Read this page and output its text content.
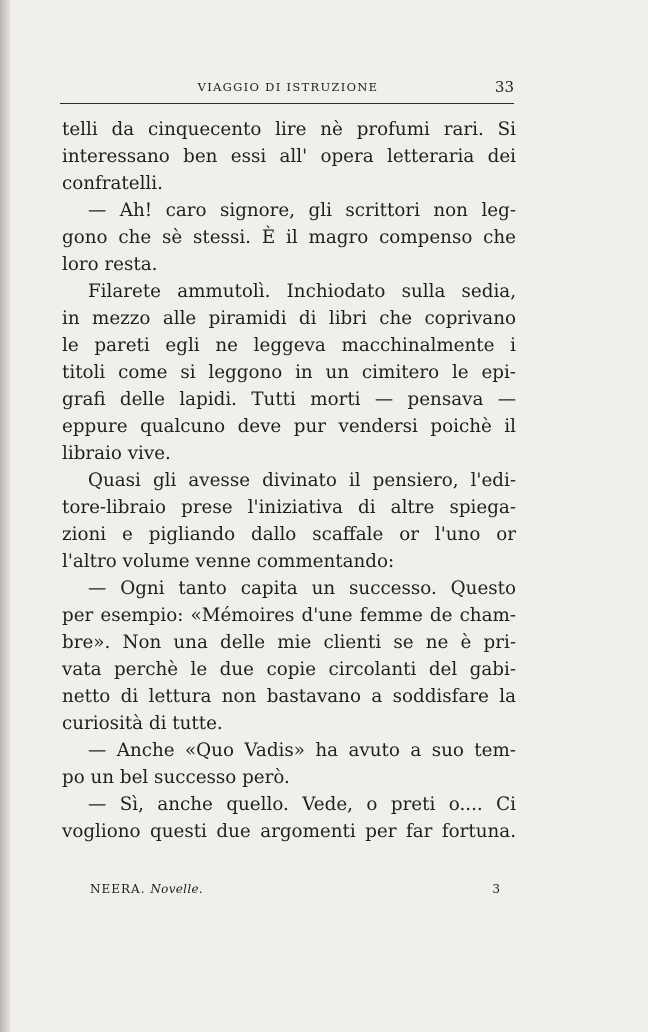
VIAGGIO DI ISTRUZIONE	33
telli da cinquecento lire nè profumi rari. Si
interessano ben essi all' opera letteraria dei
confratelli.
— Ah! caro signore, gli scrittori non leg-
gono che sè stessi. È il magro compenso che
loro resta.
Filarete ammutolì. Inchiodato sulla sedia,
in mezzo alle piramidi di libri che coprivano
le pareti egli ne leggeva macchinalmente i
titoli come si leggono in un cimitero le epi-
grafi delle lapidi. Tutti morti — pensava —
eppure qualcuno deve pur vendersi poichè il
libraio vive.
Quasi gli avesse divinato il pensiero, l'edi-
tore-libraio prese l'iniziativa di altre spiega-
zioni e pigliando dallo scaffale or l'uno or
l'altro volume venne commentando:
— Ogni tanto capita un successo. Questo
per esempio: «Mémoires d'une femme de cham-
bre». Non una delle mie clienti se ne è pri-
vata perchè le due copie circolanti del gabi-
netto di lettura non bastavano a soddisfare la
curiosità di tutte.
— Anche «Quo Vadis» ha avuto a suo tem-
po un bel successo però.
— Sì, anche quello. Vede, o preti o.... Ci
vogliono questi due argomenti per far fortuna.
NEERA. Novelle.	3
